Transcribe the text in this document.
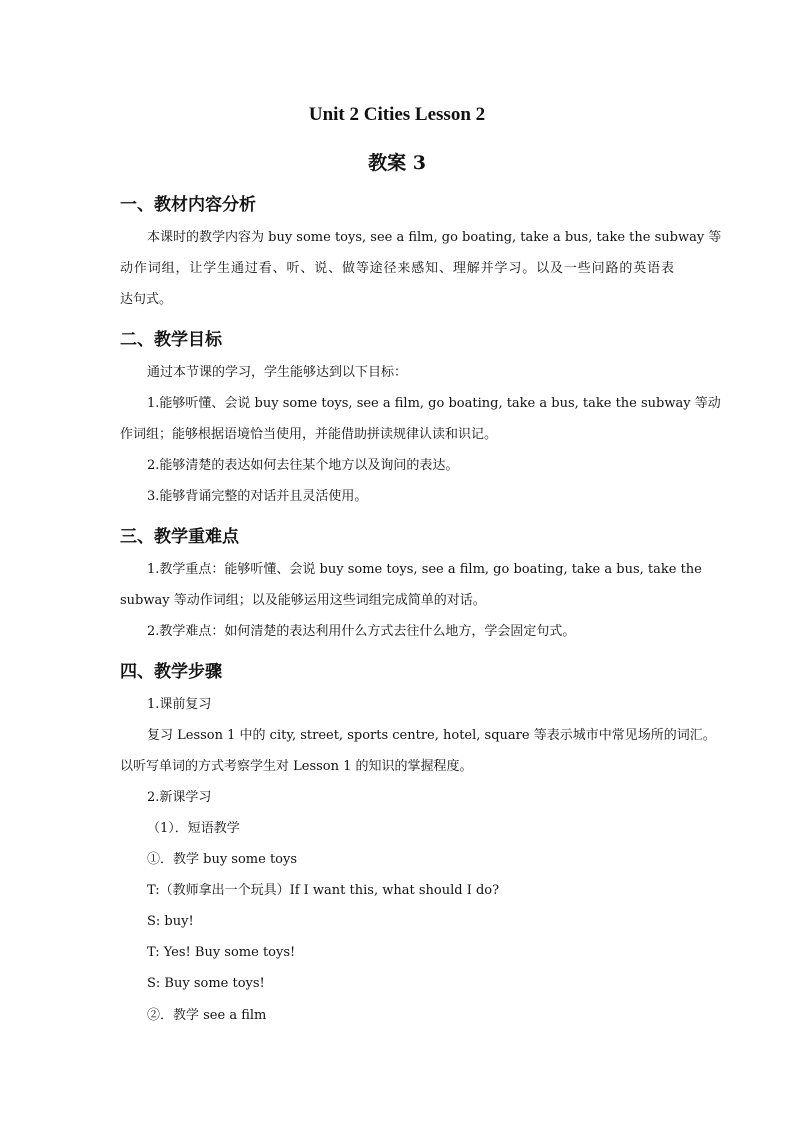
Unit 2 Cities Lesson 2
教案 3
一、教材内容分析
本课时的教学内容为 buy some toys, see a film, go boating, take a bus, take the subway 等
动作词组，让学生通过看、听、说、做等途径来感知、理解并学习。以及一些问路的英语表
达句式。
二、教学目标
通过本节课的学习，学生能够达到以下目标：
1.能够听懂、会说 buy some toys, see a film, go boating, take a bus, take the subway 等动
作词组；能够根据语境恰当使用，并能借助拼读规律认读和识记。
2.能够清楚的表达如何去往某个地方以及询问的表达。
3.能够背诵完整的对话并且灵活使用。
三、教学重难点
1.教学重点：能够听懂、会说 buy some toys, see a film, go boating, take a bus, take the
subway 等动作词组；以及能够运用这些词组完成简单的对话。
2.教学难点：如何清楚的表达利用什么方式去往什么地方，学会固定句式。
四、教学步骤
1.课前复习
复习 Lesson 1 中的 city, street, sports centre, hotel, square 等表示城市中常见场所的词汇。
以听写单词的方式考察学生对 Lesson 1 的知识的掌握程度。
2.新课学习
（1）．短语教学
①．教学 buy some toys
T:（教师拿出一个玩具）If I want this, what should I do?
S: buy!
T: Yes! Buy some toys!
S: Buy some toys!
②．教学 see a film
